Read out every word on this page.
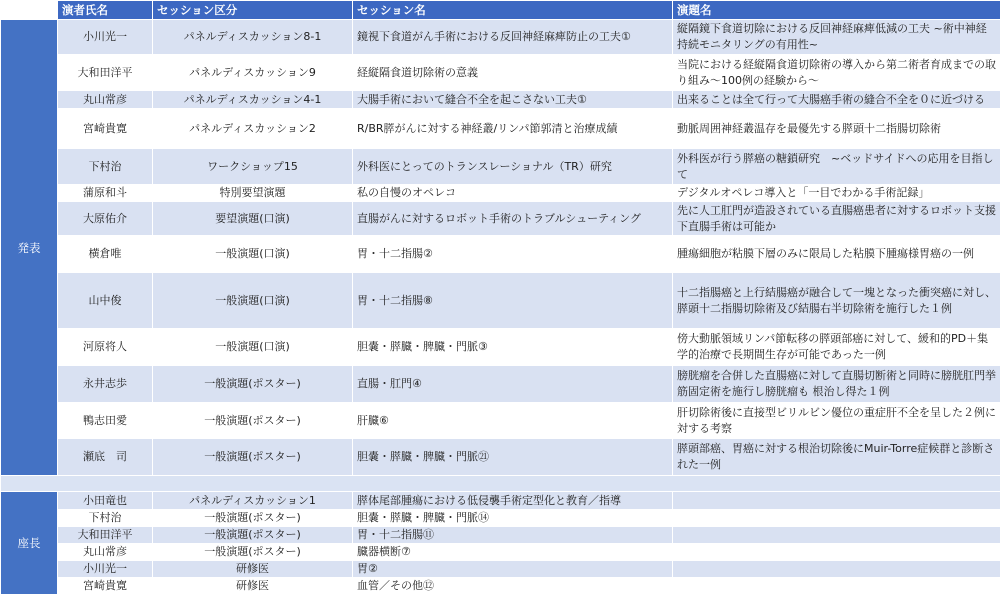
	演者氏名	セッション区分	セッション名	演題名
発表	小川光一	パネルディスカッション8-1	鏡視下食道がん手術における反回神経麻痺防止の工夫①	縦隔鏡下食道切除における反回神経麻痺低減の工夫 ~術中神経持続モニタリングの有用性~
	大和田洋平	パネルディスカッション9	経縦隔食道切除術の意義	当院における経縦隔食道切除術の導入から第二術者育成までの取り組み～100例の経験から～
	丸山常彦	パネルディスカッション4-1	大腸手術において縫合不全を起こさない工夫①	出来ることは全て行って大腸癌手術の縫合不全を０に近づける
	宮崎貴寛	パネルディスカッション2	R/BR膵がんに対する神経叢/リンパ節郭清と治療成績	動脈周囲神経叢温存を最優先する膵頭十二指腸切除術
	下村治	ワークショップ15	外科医にとってのトランスレーショナル（TR）研究	外科医が行う膵癌の糖鎖研究　~ベッドサイドへの応用を目指して
	蒲原和斗	特別要望演題	私の自慢のオペレコ	デジタルオペレコ導入と「一目でわかる手術記録」
	大原佑介	要望演題(口演)	直腸がんに対するロボット手術のトラブルシューティング	先に人工肛門が造設されている直腸癌患者に対するロボット支援下直腸手術は可能か
	横倉唯	一般演題(口演)	胃・十二指腸②	腫瘍細胞が粘膜下層のみに限局した粘膜下腫瘍様胃癌の一例
	山中俊	一般演題(口演)	胃・十二指腸⑧	十二指腸癌と上行結腸癌が融合して一塊となった衝突癌に対し、膵頭十二指腸切除術及び結腸右半切除術を施行した１例
	河原将人	一般演題(口演)	胆嚢・膵臓・脾臓・門脈③	傍大動脈領域リンパ節転移の膵頭部癌に対して、緩和的PD＋集学的治療で長期間生存が可能であった一例
	永井志歩	一般演題(ポスター)	直腸・肛門④	膀胱瘤を合併した直腸癌に対して直腸切断術と同時に膀胱肛門挙筋固定術を施行し膀胱瘤も 根治し得た１例
	鴨志田愛	一般演題(ポスター)	肝臓⑥	肝切除術後に直接型ビリルビン優位の重症肝不全を呈した２例に対する考察
	瀬底　司	一般演題(ポスター)	胆嚢・膵臓・脾臓・門脈㉑	膵頭部癌、胃癌に対する根治切除後にMuir-Torre症候群と診断された一例

座長	小田竜也	パネルディスカッション1	膵体尾部腫瘍における低侵襲手術定型化と教育／指導	
	下村治	一般演題(ポスター)	胆嚢・膵臓・脾臓・門脈⑭	
	大和田洋平	一般演題(ポスター)	胃・十二指腸⑪	
	丸山常彦	一般演題(ポスター)	臓器横断⑦	
	小川光一	研修医	胃②	
	宮崎貴寛	研修医	血管／その他⑫	
